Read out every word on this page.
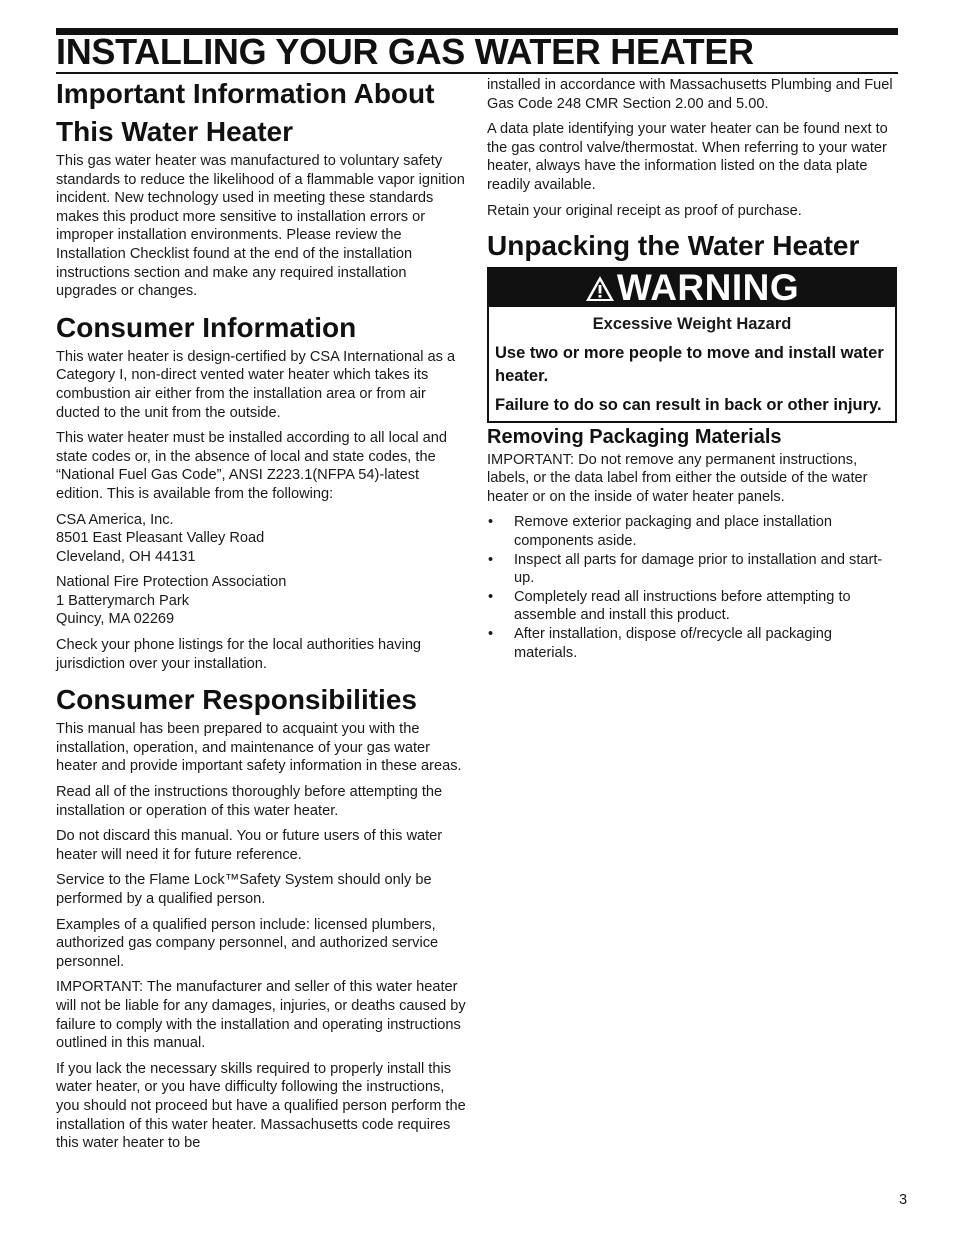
INSTALLING YOUR GAS WATER HEATER
Important Information About
This Water Heater

This gas water heater was manufactured to voluntary safety standards to reduce the likelihood of a flammable vapor ignition incident. New technology used in meeting these standards makes this product more sensitive to installation errors or improper installation environments. Please review the Installation Checklist found at the end of the installation instructions section and make any required installation upgrades or changes.

Consumer Information

This water heater is design-certified by CSA International as a Category I, non-direct vented water heater which takes its combustion air either from the installation area or from air ducted to the unit from the outside.

This water heater must be installed according to all local and state codes or, in the absence of local and state codes, the “National Fuel Gas Code”, ANSI Z223.1(NFPA 54)-latest edition. This is available from the following:

CSA America, Inc.

8501 East Pleasant Valley Road

Cleveland, OH 44131

National Fire Protection Association

1 Batterymarch Park

Quincy, MA 02269

Check your phone listings for the local authorities having jurisdiction over your installation.

Consumer Responsibilities

This manual has been prepared to acquaint you with the installation, operation, and maintenance of your gas water heater and provide important safety information in these areas.

Read all of the instructions thoroughly before attempting the installation or operation of this water heater.

Do not discard this manual. You or future users of this water heater will need it for future reference.

Service to the Flame Lock™Safety System should only be performed by a qualified person.

Examples of a qualified person include: licensed plumbers, authorized gas company personnel, and authorized service personnel.

IMPORTANT: The manufacturer and seller of this water heater will not be liable for any damages, injuries, or deaths caused by failure to comply with the installation and operating instructions outlined in this manual.

If you lack the necessary skills required to properly install this water heater, or you have difficulty following the instructions, you should not proceed but have a qualified person perform the installation of this water heater. Massachusetts code requires this water heater to be

installed in accordance with Massachusetts Plumbing and Fuel Gas Code 248 CMR Section 2.00 and 5.00.

A data plate identifying your water heater can be found next to the gas control valve/thermostat. When referring to your water heater, always have the information listed on the data plate readily available.

Retain your original receipt as proof of purchase.

Unpacking the Water Heater
WARNING

Excessive Weight Hazard

Use two or more people to move and install water heater.

Failure to do so can result in back or other injury.

Removing Packaging Materials

IMPORTANT: Do not remove any permanent instructions, labels, or the data label from either the outside of the water heater or on the inside of water heater panels.

• Remove exterior packaging and place installation components aside.
• Inspect all parts for damage prior to installation and start-up.
• Completely read all instructions before attempting to assemble and install this product.
• After installation, dispose of/recycle all packaging materials.
3
